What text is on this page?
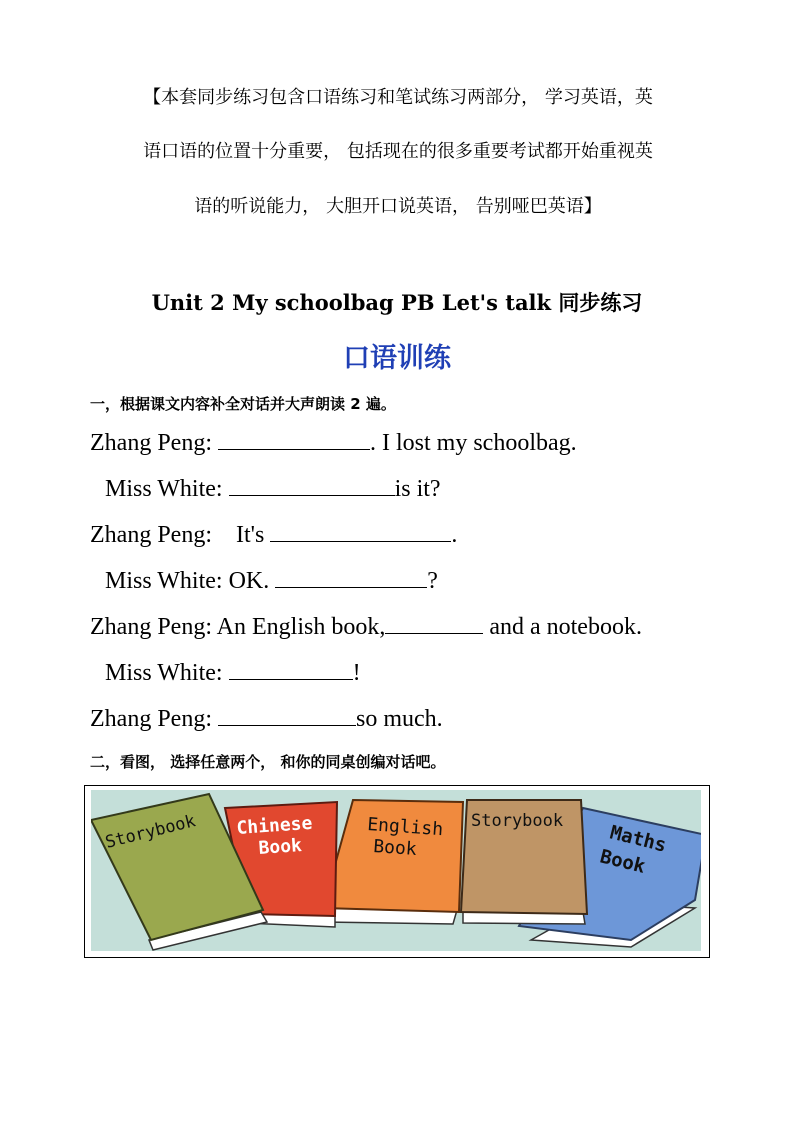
【本套同步练习包含口语练习和笔试练习两部分， 学习英语，英
语口语的位置十分重要， 包括现在的很多重要考试都开始重视英
语的听说能力， 大胆开口说英语， 告别哑巴英语】
Unit 2 My schoolbag PB Let's talk 同步练习
口语训练
一，根据课文内容补全对话并大声朗读 2 遍。
Zhang Peng:	. I lost my schoolbag.
Miss White:	is it?
Zhang Peng:    It's	.
Miss White: OK.	?
Zhang Peng: An English book,	and a notebook.
Miss White:	!
Zhang Peng:	so much.
二，看图， 选择任意两个， 和你的同桌创编对话吧。
Maths
Book
Storybook
English
Book
Chinese
Book
Storybook
